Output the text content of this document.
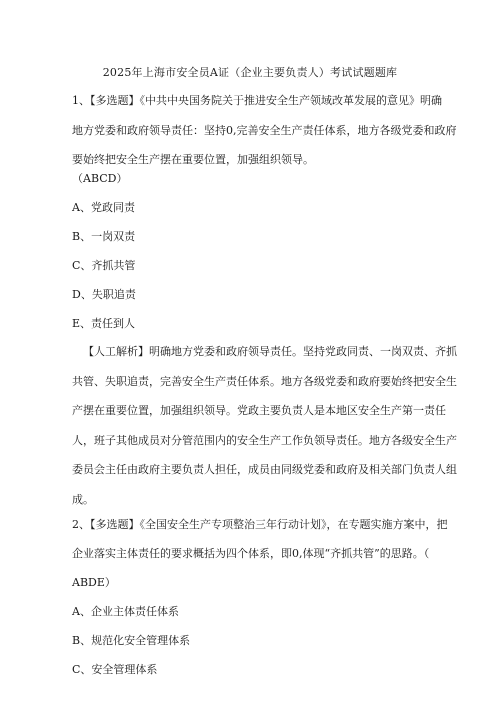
2025年上海市安全员A证（企业主要负责人）考试试题题库
1、【多选题】《中共中央国务院关于推进安全生产领域改革发展的意见》明确
地方党委和政府领导责任：坚持0,完善安全生产责任体系，地方各级党委和政府
要始终把安全生产摆在重要位置，加强组织领导。
（ABCD）
A、党政同责
B、一岗双责
C、齐抓共管
D、失职追责
E、责任到人
【人工解析】明确地方党委和政府领导责任。坚持党政同责、一岗双责、齐抓
共管、失职追责，完善安全生产责任体系。地方各级党委和政府要始终把安全生
产摆在重要位置，加强组织领导。党政主要负责人是本地区安全生产第一责任
人，班子其他成员对分管范围内的安全生产工作负领导责任。地方各级安全生产
委员会主任由政府主要负责人担任，成员由同级党委和政府及相关部门负责人组
成。
2、【多选题】《全国安全生产专项整治三年行动计划》，在专题实施方案中，把
企业落实主体责任的要求概括为四个体系，即0,体现“齐抓共管”的思路。（
ABDE）
A、企业主体责任体系
B、规范化安全管理体系
C、安全管理体系
